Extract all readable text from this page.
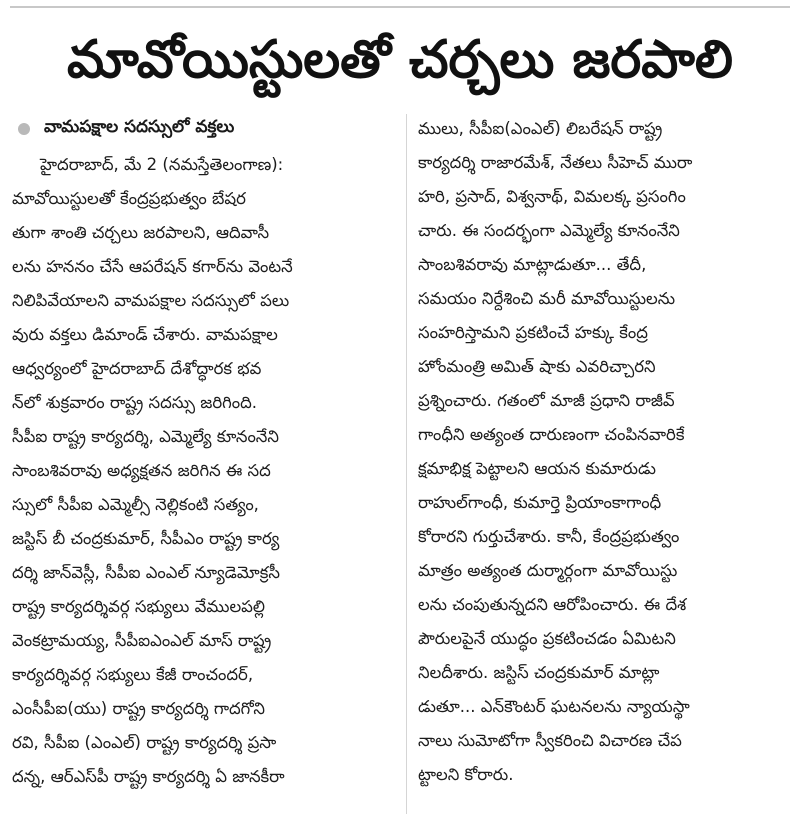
మావోయిస్టులతో చర్చలు జరపాలి
వామపక్షాల సదస్సులో వక్తలు
హైదరాబాద్, మే 2 (నమస్తేతెలంగాణ):
మావోయిస్టులతో కేంద్రప్రభుత్వం బేషర
తుగా శాంతి చర్చలు జరపాలని, ఆదివాసీ
లను హననం చేసే ఆపరేషన్ కగార్‌ను వెంటనే
నిలిపివేయాలని వామపక్షాల సదస్సులో పలు
వురు వక్తలు డిమాండ్ చేశారు. వామపక్షాల
ఆధ్వర్యంలో హైదరాబాద్ దేశోద్ధారక భవ
న్‌లో శుక్రవారం రాష్ట్ర సదస్సు జరిగింది.
సీపీఐ రాష్ట్ర కార్యదర్శి, ఎమ్మెల్యే కూనంనేని
సాంబశివరావు అధ్యక్షతన జరిగిన ఈ సద
స్సులో సీపీఐ ఎమ్మెల్సీ నెల్లికంటి సత్యం,
జస్టిస్ బీ చంద్రకుమార్, సీపీఎం రాష్ట్ర కార్య
దర్శి జాన్‌వెస్లీ, సీపీఐ ఎంఎల్ న్యూడెమోక్రసీ
రాష్ట్ర కార్యదర్శివర్గ సభ్యులు వేములపల్లి
వెంకట్రామయ్య, సీపీఐఎంఎల్ మాస్ రాష్ట్ర
కార్యదర్శివర్గ సభ్యులు కేజీ రాంచందర్,
ఎంసీపీఐ(యు) రాష్ట్ర కార్యదర్శి గాదగోని
రవి, సీపీఐ (ఎంఎల్) రాష్ట్ర కార్యదర్శి ప్రసా
దన్న, ఆర్‌ఎస్‌పీ రాష్ట్ర కార్యదర్శి ఏ జానకీరా
ములు, సీపీఐ(ఎంఎల్) లిబరేషన్ రాష్ట్ర
కార్యదర్శి రాజారమేశ్, నేతలు సీహెచ్ మురా
హరి, ప్రసాద్, విశ్వనాథ్, విమలక్క ప్రసంగిం
చారు. ఈ సందర్భంగా ఎమ్మెల్యే కూనంనేని
సాంబశివరావు మాట్లాడుతూ... తేదీ,
సమయం నిర్దేశించి మరీ మావోయిస్టులను
సంహరిస్తామని ప్రకటించే హక్కు కేంద్ర
హోంమంత్రి అమిత్ షాకు ఎవరిచ్చారని
ప్రశ్నించారు. గతంలో మాజీ ప్రధాని రాజీవ్
గాంధీని అత్యంత దారుణంగా చంపినవారికే
క్షమాభిక్ష పెట్టాలని ఆయన కుమారుడు
రాహుల్‌గాంధీ, కుమార్తె ప్రియాంకాగాంధీ
కోరారని గుర్తుచేశారు. కానీ, కేంద్రప్రభుత్వం
మాత్రం అత్యంత దుర్మార్గంగా మావోయిస్టు
లను చంపుతున్నదని ఆరోపించారు. ఈ దేశ
పౌరులపైనే యుద్ధం ప్రకటించడం ఏమిటని
నిలదీశారు. జస్టిస్ చంద్రకుమార్ మాట్లా
డుతూ... ఎన్‌కౌంటర్ ఘటనలను న్యాయస్థా
నాలు సుమోటోగా స్వీకరించి విచారణ చేప
ట్టాలని కోరారు.
